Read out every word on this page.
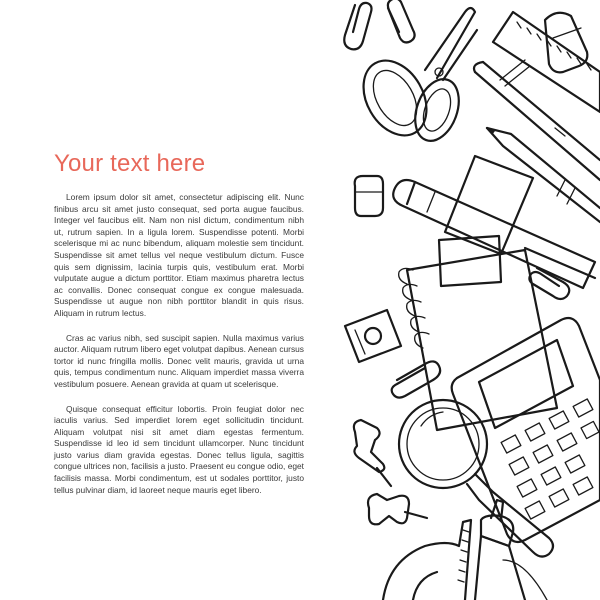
Your text here

Lorem ipsum dolor sit amet, consectetur adipiscing elit. Nunc finibus arcu sit amet justo consequat, sed porta augue faucibus. Integer vel faucibus elit. Nam non nisl dictum, condimentum nibh ut, rutrum sapien. In a ligula lorem. Suspendisse potenti. Morbi scelerisque mi ac nunc bibendum, aliquam molestie sem tincidunt. Suspendisse sit amet tellus vel neque vestibulum dictum. Fusce quis sem dignissim, lacinia turpis quis, vestibulum erat. Morbi vulputate augue a dictum porttitor. Etiam maximus pharetra lectus ac convallis. Donec consequat congue ex congue malesuada. Suspendisse ut augue non nibh porttitor blandit in quis risus. Aliquam in rutrum lectus.

Cras ac varius nibh, sed suscipit sapien. Nulla maximus varius auctor. Aliquam rutrum libero eget volutpat dapibus. Aenean cursus tortor id nunc fringilla mollis. Donec velit mauris, gravida ut urna quis, tempus condimentum nunc. Aliquam imperdiet massa viverra vestibulum posuere. Aenean gravida at quam ut scelerisque.

Quisque consequat efficitur lobortis. Proin feugiat dolor nec iaculis varius. Sed imperdiet lorem eget sollicitudin tincidunt. Aliquam volutpat nisi sit amet diam egestas fermentum. Suspendisse id leo id sem tincidunt ullamcorper. Nunc tincidunt justo varius diam gravida egestas. Donec tellus ligula, sagittis congue ultrices non, facilisis a justo. Praesent eu congue odio, eget facilisis massa. Morbi condimentum, est ut sodales porttitor, justo tellus pulvinar diam, id laoreet neque mauris eget libero.
